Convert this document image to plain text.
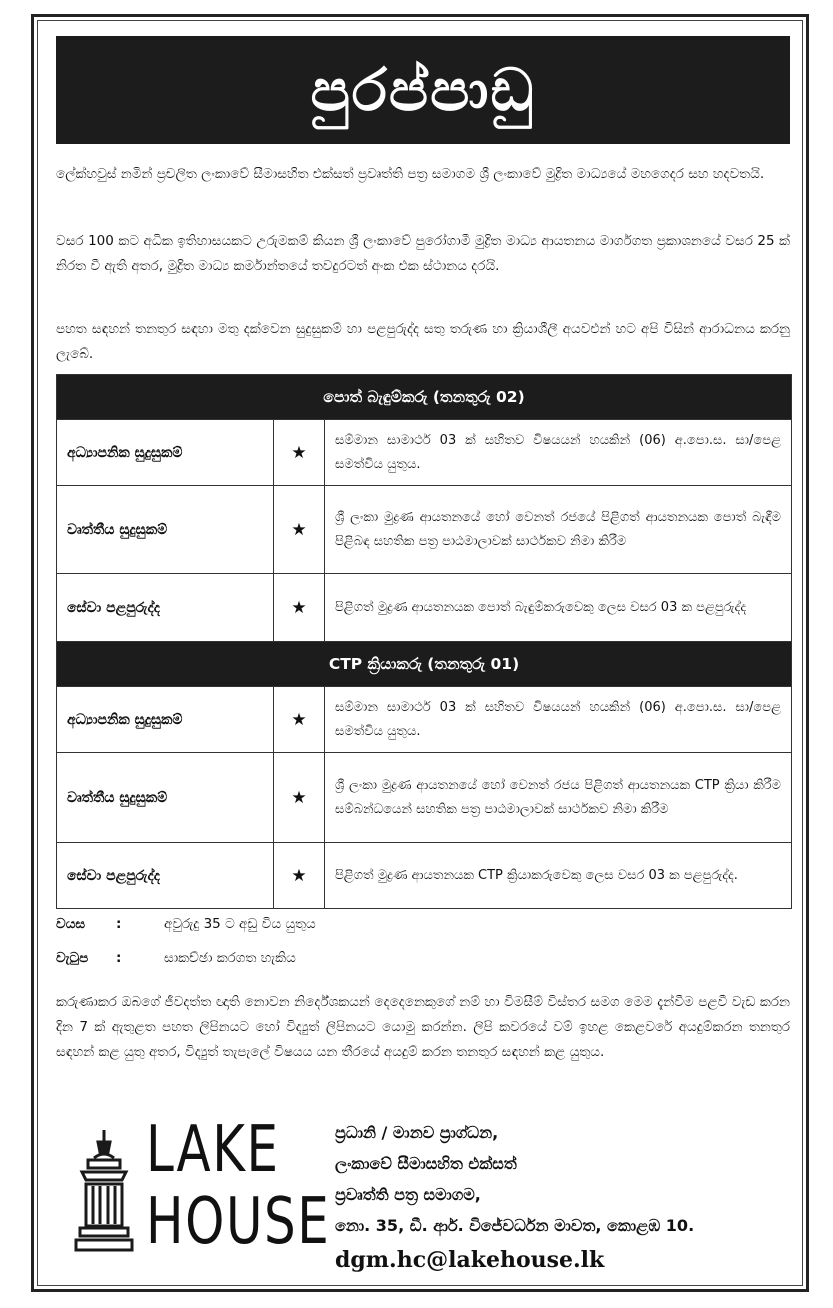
පුරප්පාඩු
ලේක්හවුස් නමින් ප්‍රචලිත ලංකාවේ සීමාසහිත එක්සත් ප්‍රවෘත්ති පත්‍ර සමාගම ශ්‍රී ලංකාවේ මුද්‍රිත මාධ්‍යයේ මහගෙදර සහ හදවතයි.
වසර 100 කට අධික ඉතිහාසයකට උරුමකම් කියන ශ්‍රී ලංකාවේ පුරෝගාමී මුද්‍රිත මාධ්‍ය ආයතනය මාර්ගගත ප්‍රකාශනයේ වසර 25 ක් නිරත වී ඇති අතර, මුද්‍රිත මාධ්‍ය කර්මාන්තයේ තවදුරටත් අංක එක ස්ථානය දරයි.
පහත සඳහන් තනතුර සඳහා මතු දක්වෙන සුදුසුකම් හා පළපුරුද්ද සතු තරුණ හා ක්‍රියාශීලී අයවළුන් හට අපි විසින් ආරාධනය කරනු ලැබේ.
පොත් බැඳුම්කරු (තනතුරු 02)		
අධ්‍යාපනික සුදුසුකම්	★	සම්මාන සාමාර්ථ 03 ක් සහිතව විෂයයන් හයකින් (06) අ.පො.ස. සා/පෙළ සමත්විය යුතුය.
වෘත්තීය සුදුසුකම්	★	ශ්‍රී ලංකා මුද්‍රණ ආයතනයේ හෝ වෙනත් රජයේ පිළිගත් ආයතනයක පොත් බැඳීම පිළිබඳ සහතික පත්‍ර පාඨමාලාවක් සාර්ථකව නිමා කිරීම
සේවා පළපුරුද්ද	★	පිළිගත් මුද්‍රණ ආයතනයක පොත් බැඳුම්කරුවෙකු ලෙස වසර 03 ක පළපුරුද්ද
CTP ක්‍රියාකරු (තනතුරු 01)		
අධ්‍යාපනික සුදුසුකම්	★	සම්මාන සාමාර්ථ 03 ක් සහිතව විෂයයන් හයකින් (06) අ.පො.ස. සා/පෙළ සමත්විය යුතුය.
වෘත්තීය සුදුසුකම්	★	ශ්‍රී ලංකා මුද්‍රණ ආයතනයේ හෝ වෙනත් රජය පිළිගත් ආයතනයක CTP ක්‍රියා කිරීම සම්බන්ධයෙන් සහතික පත්‍ර පාඨමාලාවක් සාර්ථකව නිමා කිරීම
සේවා පළපුරුද්ද	★	පිළිගත් මුද්‍රණ ආයතනයක CTP ක්‍රියාකරුවෙකු ලෙස වසර 03 ක පළපුරුද්ද.
වයස	:	අවුරුදු 35 ට අඩු විය යුතුය
වැටුප	:	සාකච්ඡා කරගත හැකිය
කරුණාකර ඔබගේ ජීවදත්ත ඥාති නොවන නිර්දේශකයන් දෙදෙනෙකුගේ නම් හා විමසීම් විස්තර සමග මෙම දැන්වීම පළවී වැඩ කරන දින 7 ක් ඇතුළත පහත ලිපිනයට හෝ විද්‍යුත් ලිපිනයට යොමු කරන්න. ලිපි කවරයේ වම් ඉහළ කෙළවරේ අයදුම්කරන තනතුර සඳහන් කළ යුතු අතර, විද්‍යුත් තැපැලේ විෂයය යන තීරයේ අයදුම් කරන තනතුර සඳහන් කළ යුතුය.
LAKE
HOUSE
ප්‍රධානි / මානව ප්‍රාග්ධන,
ලංකාවේ සීමාසහිත එක්සත්
ප්‍රවෘත්ති පත්‍ර සමාගම,
නො. 35, ඩී. ආර්. විජේවර්ධන මාවත, කොළඹ 10.
dgm.hc@lakehouse.lk
